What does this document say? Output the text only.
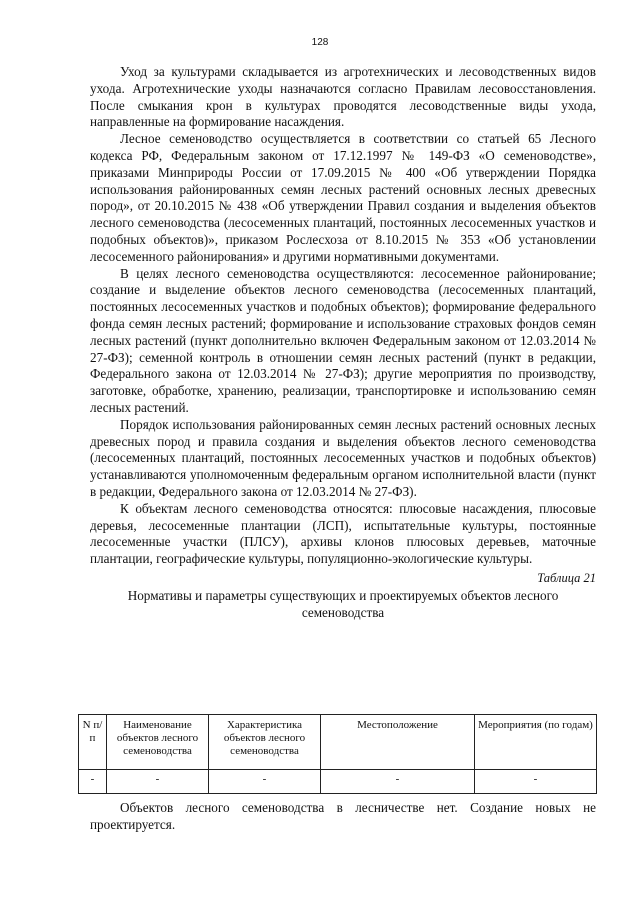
128

Уход за культурами складывается из агротехнических и лесоводственных видов ухода. Агротехнические уходы назначаются согласно Правилам лесовосстановления. После смыкания крон в культурах проводятся лесоводственные виды ухода, направленные на формирование насаждения.

Лесное семеноводство осуществляется в соответствии со статьей 65 Лесного кодекса РФ, Федеральным законом от 17.12.1997 № 149-ФЗ «О семеноводстве», приказами Минприроды России от 17.09.2015 № 400 «Об утверждении Порядка использования районированных семян лесных растений основных лесных древесных пород», от 20.10.2015 № 438 «Об утверждении Правил создания и выделения объектов лесного семеноводства (лесосеменных плантаций, постоянных лесосеменных участков и подобных объектов)», приказом Рослесхоза от 8.10.2015 № 353 «Об установлении лесосеменного районирования» и другими нормативными документами.

В целях лесного семеноводства осуществляются: лесосеменное районирование; создание и выделение объектов лесного семеноводства (лесосеменных плантаций, постоянных лесосеменных участков и подобных объектов); формирование федерального фонда семян лесных растений; формирование и использование страховых фондов семян лесных растений (пункт дополнительно включен Федеральным законом от 12.03.2014 № 27-ФЗ); семенной контроль в отношении семян лесных растений (пункт в редакции, Федерального закона от 12.03.2014 № 27-ФЗ); другие мероприятия по производству, заготовке, обработке, хранению, реализации, транспортировке и использованию семян лесных растений.

Порядок использования районированных семян лесных растений основных лесных древесных пород и правила создания и выделения объектов лесного семеноводства (лесосеменных плантаций, постоянных лесосеменных участков и подобных объектов) устанавливаются уполномоченным федеральным органом исполнительной власти (пункт в редакции, Федерального закона от 12.03.2014 № 27-ФЗ).

К объектам лесного семеноводства относятся: плюсовые насаждения, плюсовые деревья, лесосеменные плантации (ЛСП), испытательные культуры, постоянные лесосеменные участки (ПЛСУ), архивы клонов плюсовых деревьев, маточные плантации, географические культуры, популяционно-экологические культуры.

Таблица 21

Нормативы и параметры существующих и проектируемых объектов лесного семеноводства

N п/п	Наименование объектов лесного семеноводства	Характеристика объектов лесного семеноводства	Местоположение	Мероприятия (по годам)
-	-	-	-	-

Объектов лесного семеноводства в лесничестве нет. Создание новых не проектируется.
